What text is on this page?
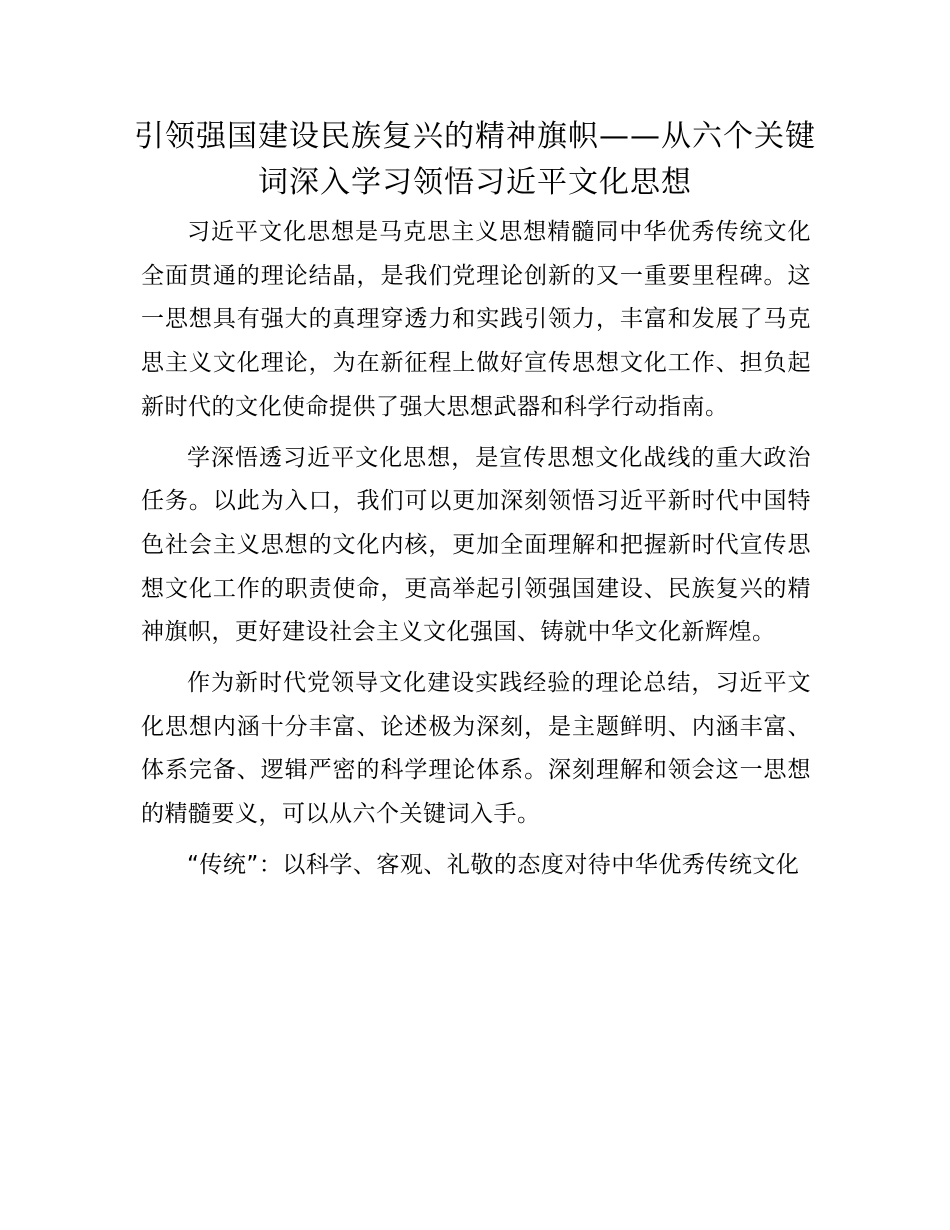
引领强国建设民族复兴的精神旗帜——从六个关键词深入学习领悟习近平文化思想

习近平文化思想是马克思主义思想精髓同中华优秀传统文化全面贯通的理论结晶，是我们党理论创新的又一重要里程碑。这一思想具有强大的真理穿透力和实践引领力，丰富和发展了马克思主义文化理论，为在新征程上做好宣传思想文化工作、担负起新时代的文化使命提供了强大思想武器和科学行动指南。

学深悟透习近平文化思想，是宣传思想文化战线的重大政治任务。以此为入口，我们可以更加深刻领悟习近平新时代中国特色社会主义思想的文化内核，更加全面理解和把握新时代宣传思想文化工作的职责使命，更高举起引领强国建设、民族复兴的精神旗帜，更好建设社会主义文化强国、铸就中华文化新辉煌。

作为新时代党领导文化建设实践经验的理论总结，习近平文化思想内涵十分丰富、论述极为深刻，是主题鲜明、内涵丰富、体系完备、逻辑严密的科学理论体系。深刻理解和领会这一思想的精髓要义，可以从六个关键词入手。

“传统”：以科学、客观、礼敬的态度对待中华优秀传统文化
